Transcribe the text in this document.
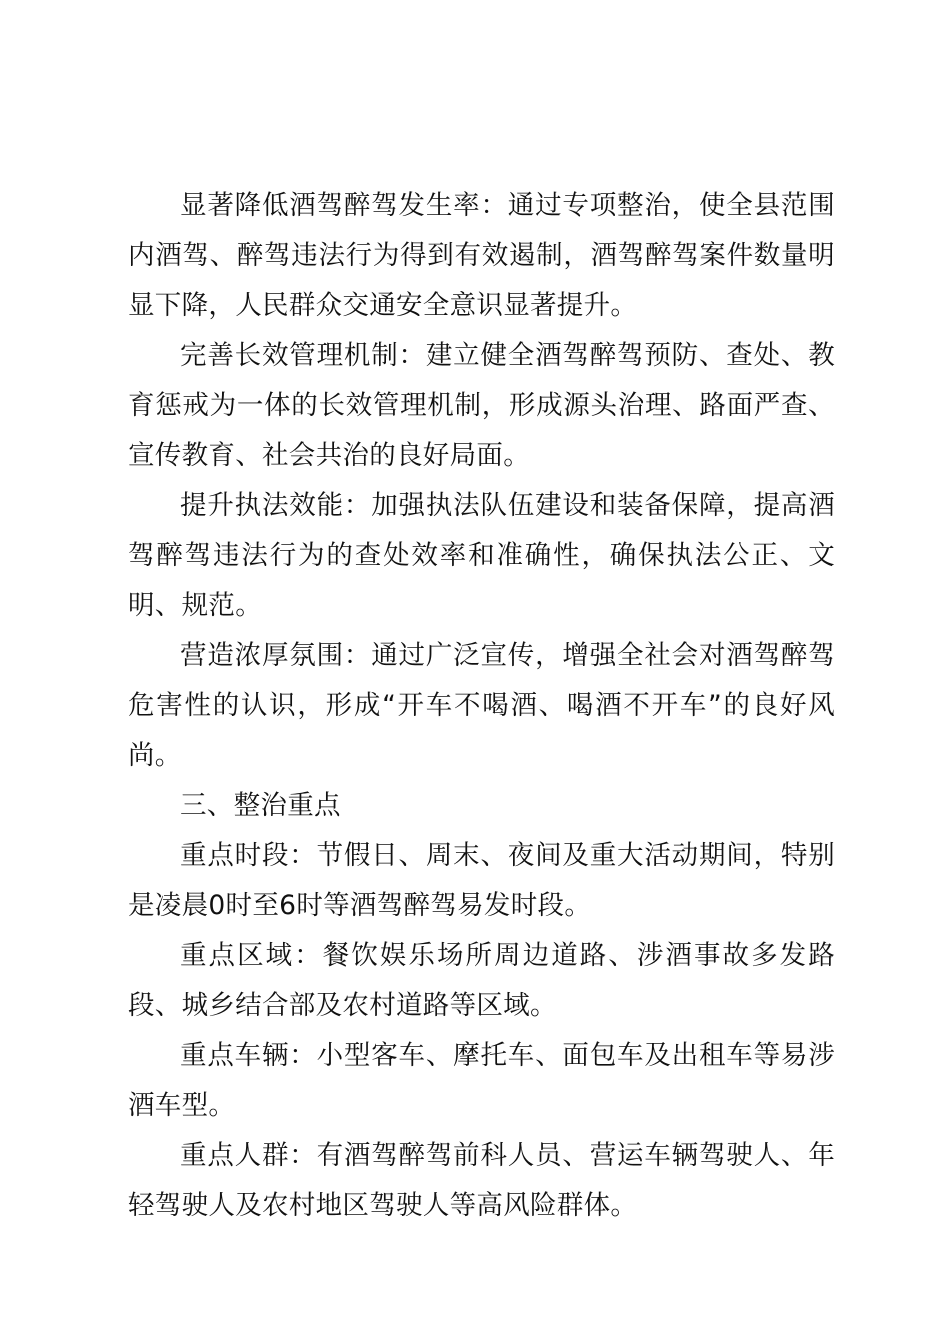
显著降低酒驾醉驾发生率：通过专项整治，使全县范围内酒驾、醉驾违法行为得到有效遏制，酒驾醉驾案件数量明显下降，人民群众交通安全意识显著提升。

完善长效管理机制：建立健全酒驾醉驾预防、查处、教育惩戒为一体的长效管理机制，形成源头治理、路面严查、宣传教育、社会共治的良好局面。

提升执法效能：加强执法队伍建设和装备保障，提高酒驾醉驾违法行为的查处效率和准确性，确保执法公正、文明、规范。

营造浓厚氛围：通过广泛宣传，增强全社会对酒驾醉驾危害性的认识，形成“开车不喝酒、喝酒不开车”的良好风尚。

三、整治重点

重点时段：节假日、周末、夜间及重大活动期间，特别是凌晨0时至6时等酒驾醉驾易发时段。

重点区域：餐饮娱乐场所周边道路、涉酒事故多发路段、城乡结合部及农村道路等区域。

重点车辆：小型客车、摩托车、面包车及出租车等易涉酒车型。

重点人群：有酒驾醉驾前科人员、营运车辆驾驶人、年轻驾驶人及农村地区驾驶人等高风险群体。
